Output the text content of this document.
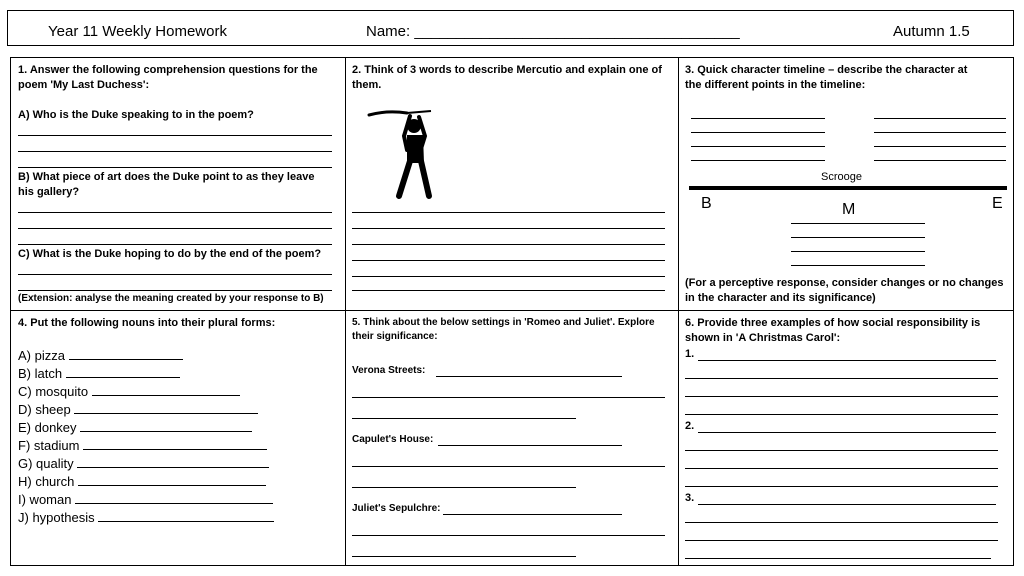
Year 11 Weekly Homework	Name: _______________________________________	Autumn 1.5
1. Answer the following comprehension questions for the
poem 'My Last Duchess':
A) Who is the Duke speaking to in the poem?
B) What piece of art does the Duke point to as they leave
his gallery?
C) What is the Duke hoping to do by the end of the poem?
(Extension: analyse the meaning created by your response to B)
2. Think of 3 words to describe Mercutio and explain one of
them.
3. Quick character timeline – describe the character at
the different points in the timeline:
Scrooge
B	M	E
(For a perceptive response, consider changes or no changes
in the character and its significance)
4. Put the following nouns into their plural forms:
A) pizza
B) latch
C) mosquito
D) sheep
E) donkey
F) stadium
G) quality
H) church
I) woman
J) hypothesis
5. Think about the below settings in 'Romeo and Juliet'. Explore
their significance:
Verona Streets:
Capulet's House:
Juliet's Sepulchre:
6. Provide three examples of how social responsibility is
shown in 'A Christmas Carol':
1.
2.
3.
